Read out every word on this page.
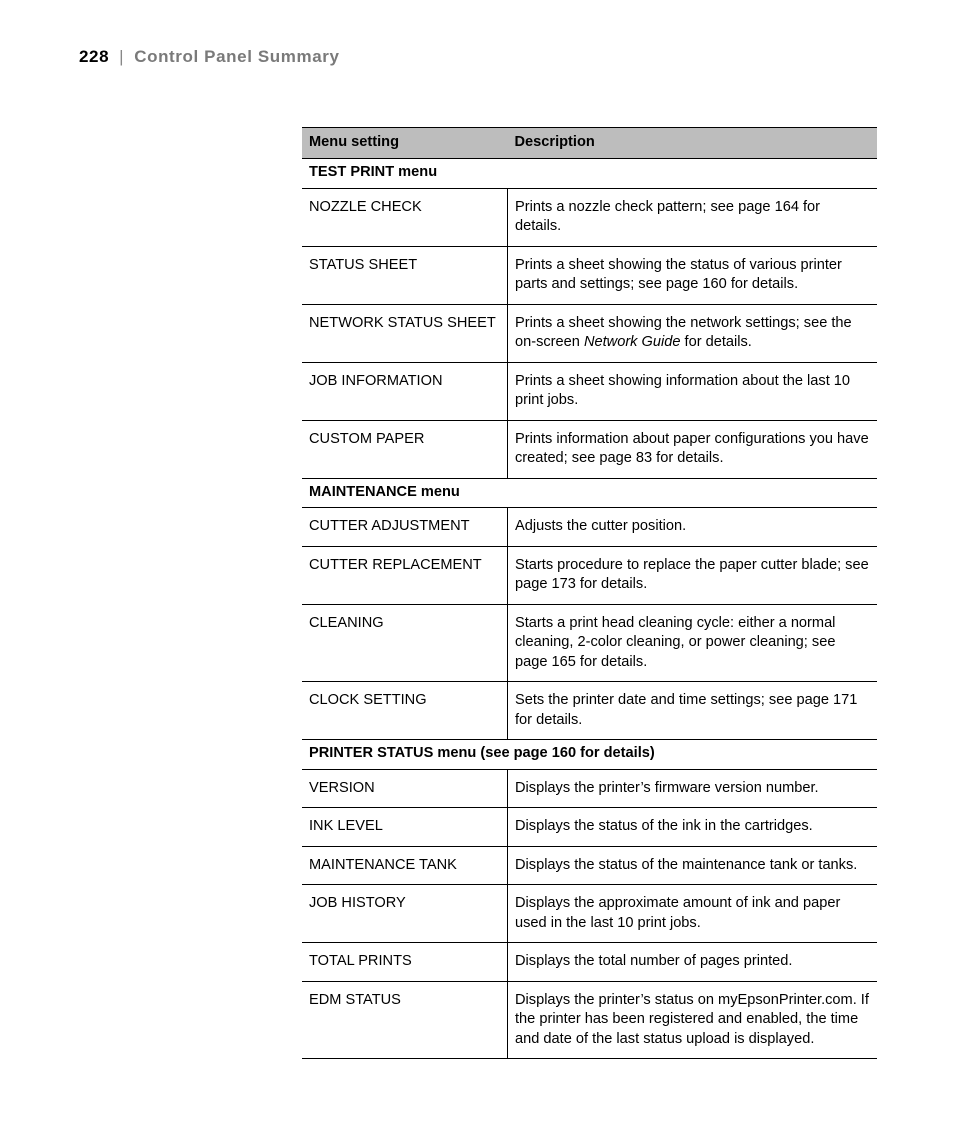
228 | Control Panel Summary
Menu setting	Description
TEST PRINT menu	
NOZZLE CHECK	Prints a nozzle check pattern; see page 164 for details.
STATUS SHEET	Prints a sheet showing the status of various printer parts and settings; see page 160 for details.
NETWORK STATUS SHEET	Prints a sheet showing the network settings; see the on-screen Network Guide for details.
JOB INFORMATION	Prints a sheet showing information about the last 10 print jobs.
CUSTOM PAPER	Prints information about paper configurations you have created; see page 83 for details.
MAINTENANCE menu	
CUTTER ADJUSTMENT	Adjusts the cutter position.
CUTTER REPLACEMENT	Starts procedure to replace the paper cutter blade; see page 173 for details.
CLEANING	Starts a print head cleaning cycle: either a normal cleaning, 2-color cleaning, or power cleaning; see page 165 for details.
CLOCK SETTING	Sets the printer date and time settings; see page 171 for details.
PRINTER STATUS menu (see page 160 for details)	
VERSION	Displays the printer’s firmware version number.
INK LEVEL	Displays the status of the ink in the cartridges.
MAINTENANCE TANK	Displays the status of the maintenance tank or tanks.
JOB HISTORY	Displays the approximate amount of ink and paper used in the last 10 print jobs.
TOTAL PRINTS	Displays the total number of pages printed.
EDM STATUS	Displays the printer’s status on myEpsonPrinter.com. If the printer has been registered and enabled, the time and date of the last status upload is displayed.
